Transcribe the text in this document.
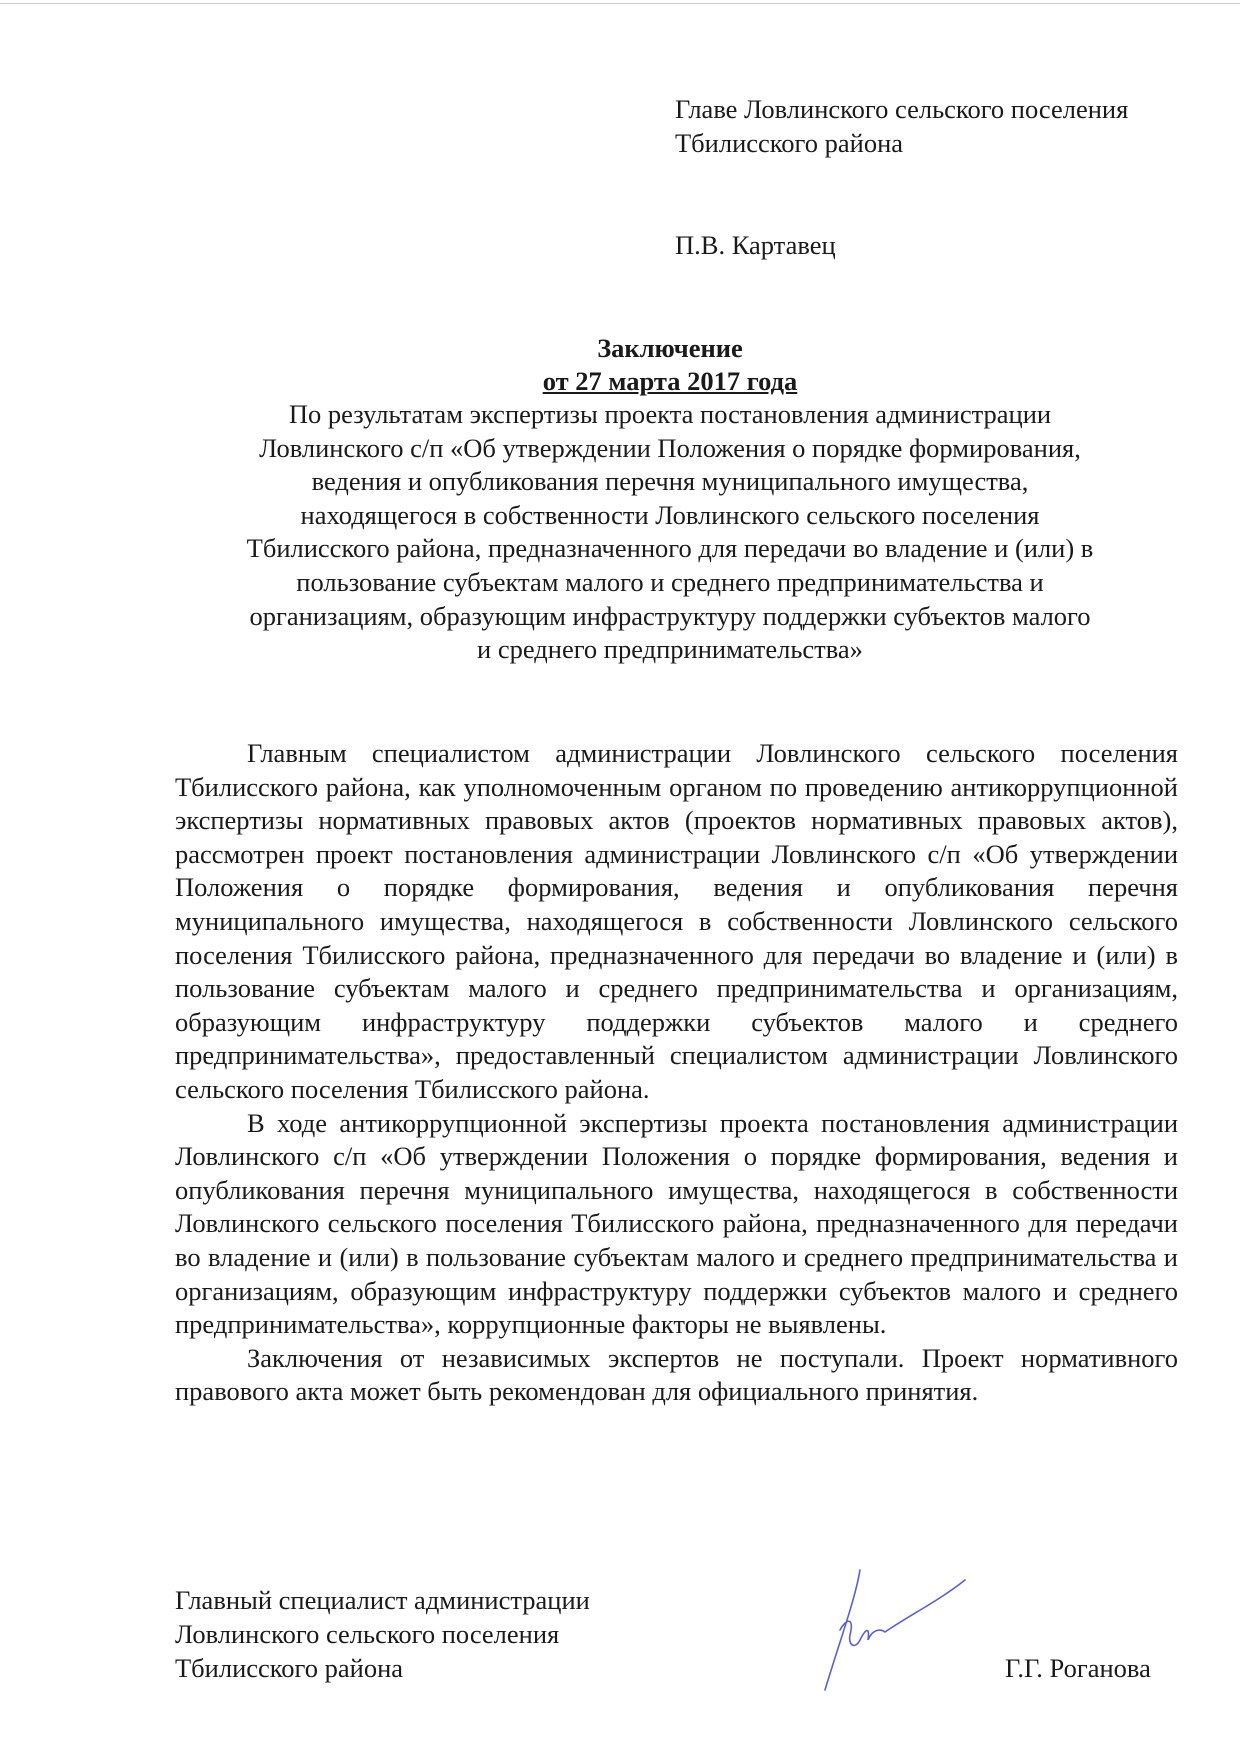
Главе Ловлинского сельского поселения
Тбилисского района
П.В. Картавец
Заключение
от 27 марта 2017 года
По результатам экспертизы проекта постановления администрации Ловлинского с/п «Об утверждении Положения о порядке формирования, ведения и опубликования перечня муниципального имущества, находящегося в собственности Ловлинского сельского поселения Тбилисского района, предназначенного для передачи во владение и (или) в пользование субъектам малого и среднего предпринимательства и организациям, образующим инфраструктуру поддержки субъектов малого и среднего предпринимательства»

Главным специалистом администрации Ловлинского сельского поселения Тбилисского района, как уполномоченным органом по проведению антикоррупционной экспертизы нормативных правовых актов (проектов нормативных правовых актов), рассмотрен проект постановления администрации Ловлинского с/п «Об утверждении Положения о порядке формирования, ведения и опубликования перечня муниципального имущества, находящегося в собственности Ловлинского сельского поселения Тбилисского района, предназначенного для передачи во владение и (или) в пользование субъектам малого и среднего предпринимательства и организациям, образующим инфраструктуру поддержки субъектов малого и среднего предпринимательства», предоставленный специалистом администрации Ловлинского сельского поселения Тбилисского района.

В ходе антикоррупционной экспертизы проекта постановления администрации Ловлинского с/п «Об утверждении Положения о порядке формирования, ведения и опубликования перечня муниципального имущества, находящегося в собственности Ловлинского сельского поселения Тбилисского района, предназначенного для передачи во владение и (или) в пользование субъектам малого и среднего предпринимательства и организациям, образующим инфраструктуру поддержки субъектов малого и среднего предпринимательства», коррупционные факторы не выявлены.

Заключения от независимых экспертов не поступали. Проект нормативного правового акта может быть рекомендован для официального принятия.

Главный специалист администрации
Ловлинского сельского поселения
Тбилисского района	Г.Г. Роганова
